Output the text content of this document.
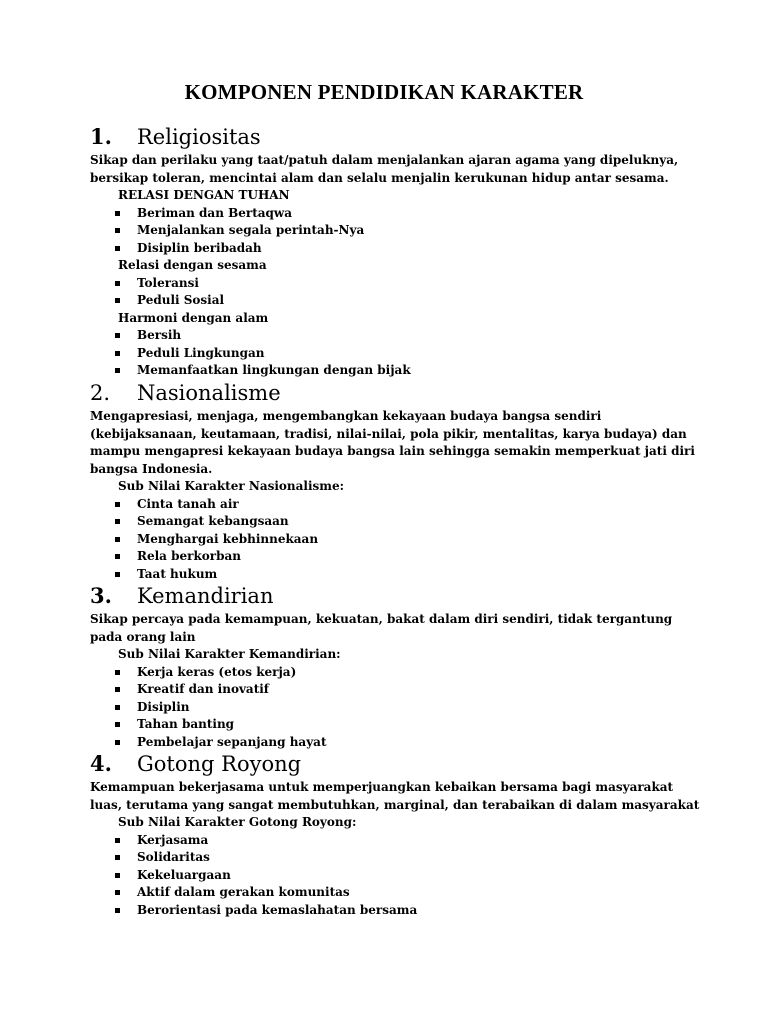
KOMPONEN PENDIDIKAN KARAKTER
1.	Religiositas
Sikap dan perilaku yang taat/patuh dalam menjalankan ajaran agama yang dipeluknya,
bersikap toleran, mencintai alam dan selalu menjalin kerukunan hidup antar sesama.
RELASI DENGAN TUHAN
Beriman dan Bertaqwa
Menjalankan segala perintah-Nya
Disiplin beribadah
Relasi dengan sesama
Toleransi
Peduli Sosial
Harmoni dengan alam
Bersih
Peduli Lingkungan
Memanfaatkan lingkungan dengan bijak
2.	Nasionalisme
Mengapresiasi, menjaga, mengembangkan kekayaan budaya bangsa sendiri
(kebijaksanaan, keutamaan, tradisi, nilai-nilai, pola pikir, mentalitas, karya budaya) dan
mampu mengapresi kekayaan budaya bangsa lain sehingga semakin memperkuat jati diri
bangsa Indonesia.
Sub Nilai Karakter Nasionalisme:
Cinta tanah air
Semangat kebangsaan
Menghargai kebhinnekaan
Rela berkorban
Taat hukum
3.	Kemandirian
Sikap percaya pada kemampuan, kekuatan, bakat dalam diri sendiri, tidak tergantung
pada orang lain
Sub Nilai Karakter Kemandirian:
Kerja keras (etos kerja)
Kreatif dan inovatif
Disiplin
Tahan banting
Pembelajar sepanjang hayat
4.	Gotong Royong
Kemampuan bekerjasama untuk memperjuangkan kebaikan bersama bagi masyarakat
luas, terutama yang sangat membutuhkan, marginal, dan terabaikan di dalam masyarakat
Sub Nilai Karakter Gotong Royong:
Kerjasama
Solidaritas
Kekeluargaan
Aktif dalam gerakan komunitas
Berorientasi pada kemaslahatan bersama
